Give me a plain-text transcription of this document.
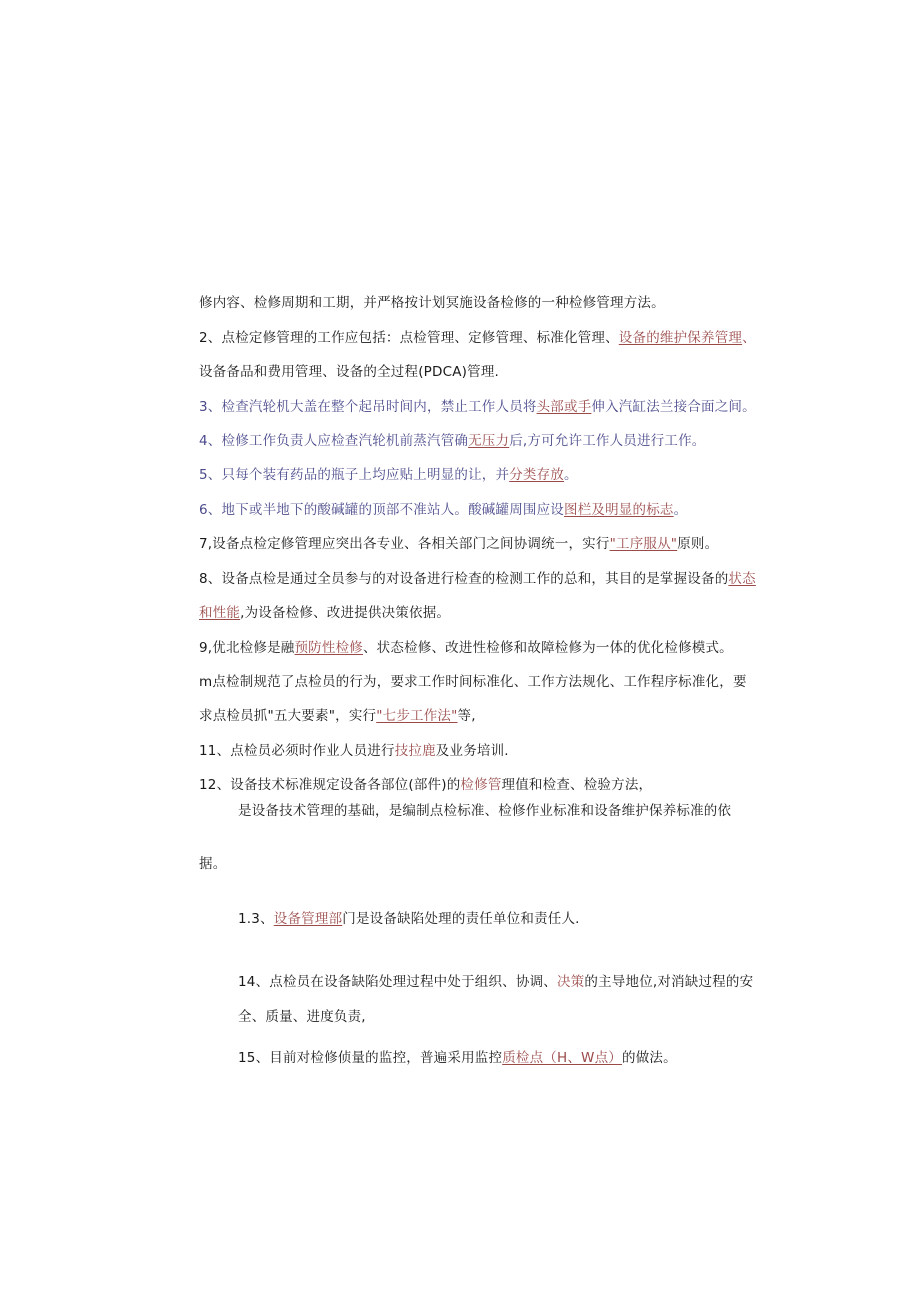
修内容、检修周期和工期，并严格按计划冥施设备检修的一种检修管理方法。
2、点检定修管理的工作应包括：点检管理、定修管理、标准化管理、设备的维护保养管理、
设备备品和费用管理、设备的全过程(PDCA)管理.
3、检查汽轮机大盖在整个起吊时间内，禁止工作人员将头部或手伸入汽缸法兰接合面之间。
4、检修工作负责人应检查汽轮机前蒸汽管确无压力后,方可允许工作人员进行工作。
5、只每个装有药品的瓶子上均应贴上明显的让，并分类存放。
6、地下或半地下的酸碱罐的顶部不准站人。酸碱罐周围应设图栏及明显的标志。
7,设备点检定修管理应突出各专业、各相关部门之间协调统一，实行"工序服从"原则。
8、设备点检是通过全员参与的对设备进行检查的检测工作的总和，其目的是掌握设备的状态
和性能,为设备检修、改进提供决策依据。
9,优北检修是融预防性检修、状态检修、改进性检修和故障检修为一体的优化检修模式。
m点检制规范了点检员的行为，要求工作时间标准化、工作方法规化、工作程序标准化，要
求点检员抓"五大要素"，实行"七步工作法"等,
11、点检员必须时作业人员进行技拉鹿及业务培训.
12、设备技术标准规定设备各部位(部件)的检修管理值和检查、检验方法，
是设备技术管理的基础，是编制点检标准、检修作业标准和设备维护保养标准的依
据。
1.3、设备管理部门是设备缺陷处理的责任单位和责任人.
14、点检员在设备缺陷处理过程中处于组织、协调、决策的主导地位,对消缺过程的安
全、质量、进度负责,
15、目前对检修侦量的监控，普遍采用监控质检点（H、W点）的做法。
